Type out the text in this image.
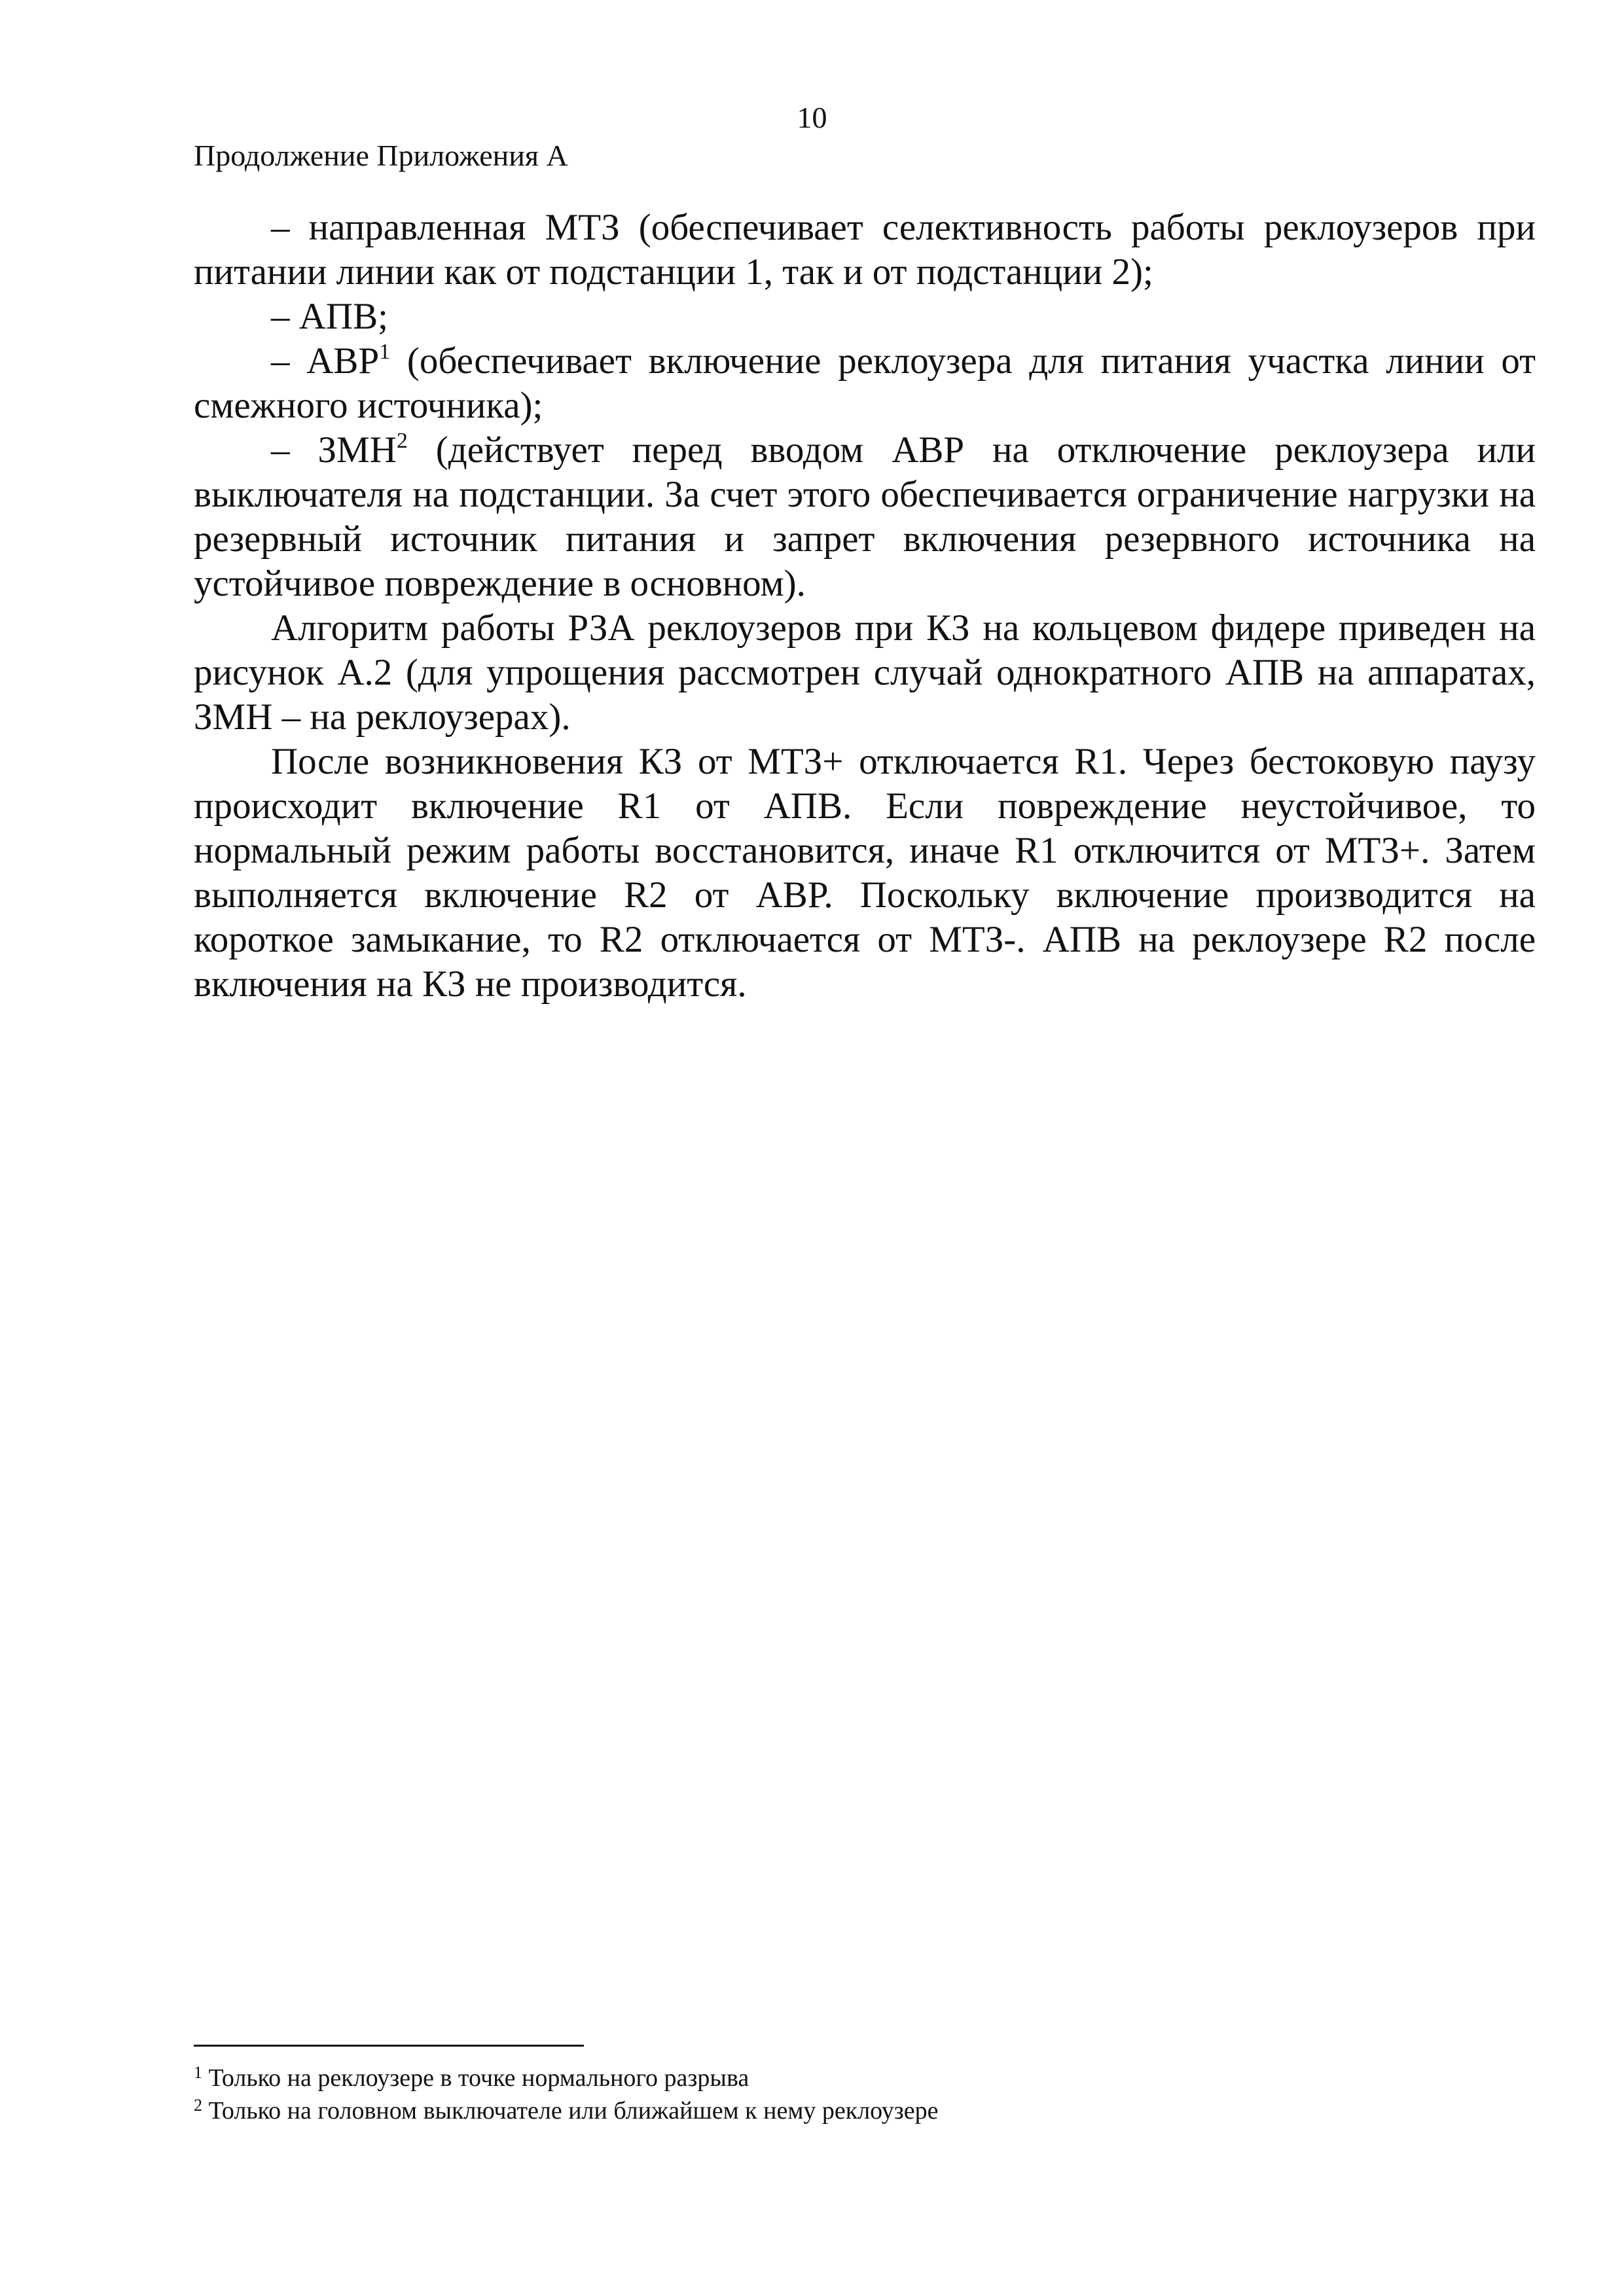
10

Продолжение Приложения А

– направленная МТЗ (обеспечивает селективность работы реклоузеров при питании линии как от подстанции 1, так и от подстанции 2);

– АПВ;

– АВР$^1$ (обеспечивает включение реклоузера для питания участка линии от смежного источника);

– ЗМН$^2$ (действует перед вводом АВР на отключение реклоузера или выключателя на подстанции. За счет этого обеспечивается ограничение нагрузки на резервный источник питания и запрет включения резервного источника на устойчивое повреждение в основном).

Алгоритм работы РЗА реклоузеров при КЗ на кольцевом фидере приведен на рисунок А.2 (для упрощения рассмотрен случай однократного АПВ на аппаратах, ЗМН – на реклоузерах).

После возникновения КЗ от МТЗ+ отключается R1. Через бестоковую паузу происходит включение R1 от АПВ. Если повреждение неустойчивое, то нормальный режим работы восстановится, иначе R1 отключится от МТЗ+. Затем выполняется включение R2 от АВР. Поскольку включение производится на короткое замыкание, то R2 отключается от МТЗ-. АПВ на реклоузере R2 после включения на КЗ не производится.

$^1$ Только на реклоузере в точке нормального разрыва

$^2$ Только на головном выключателе или ближайшем к нему реклоузере
